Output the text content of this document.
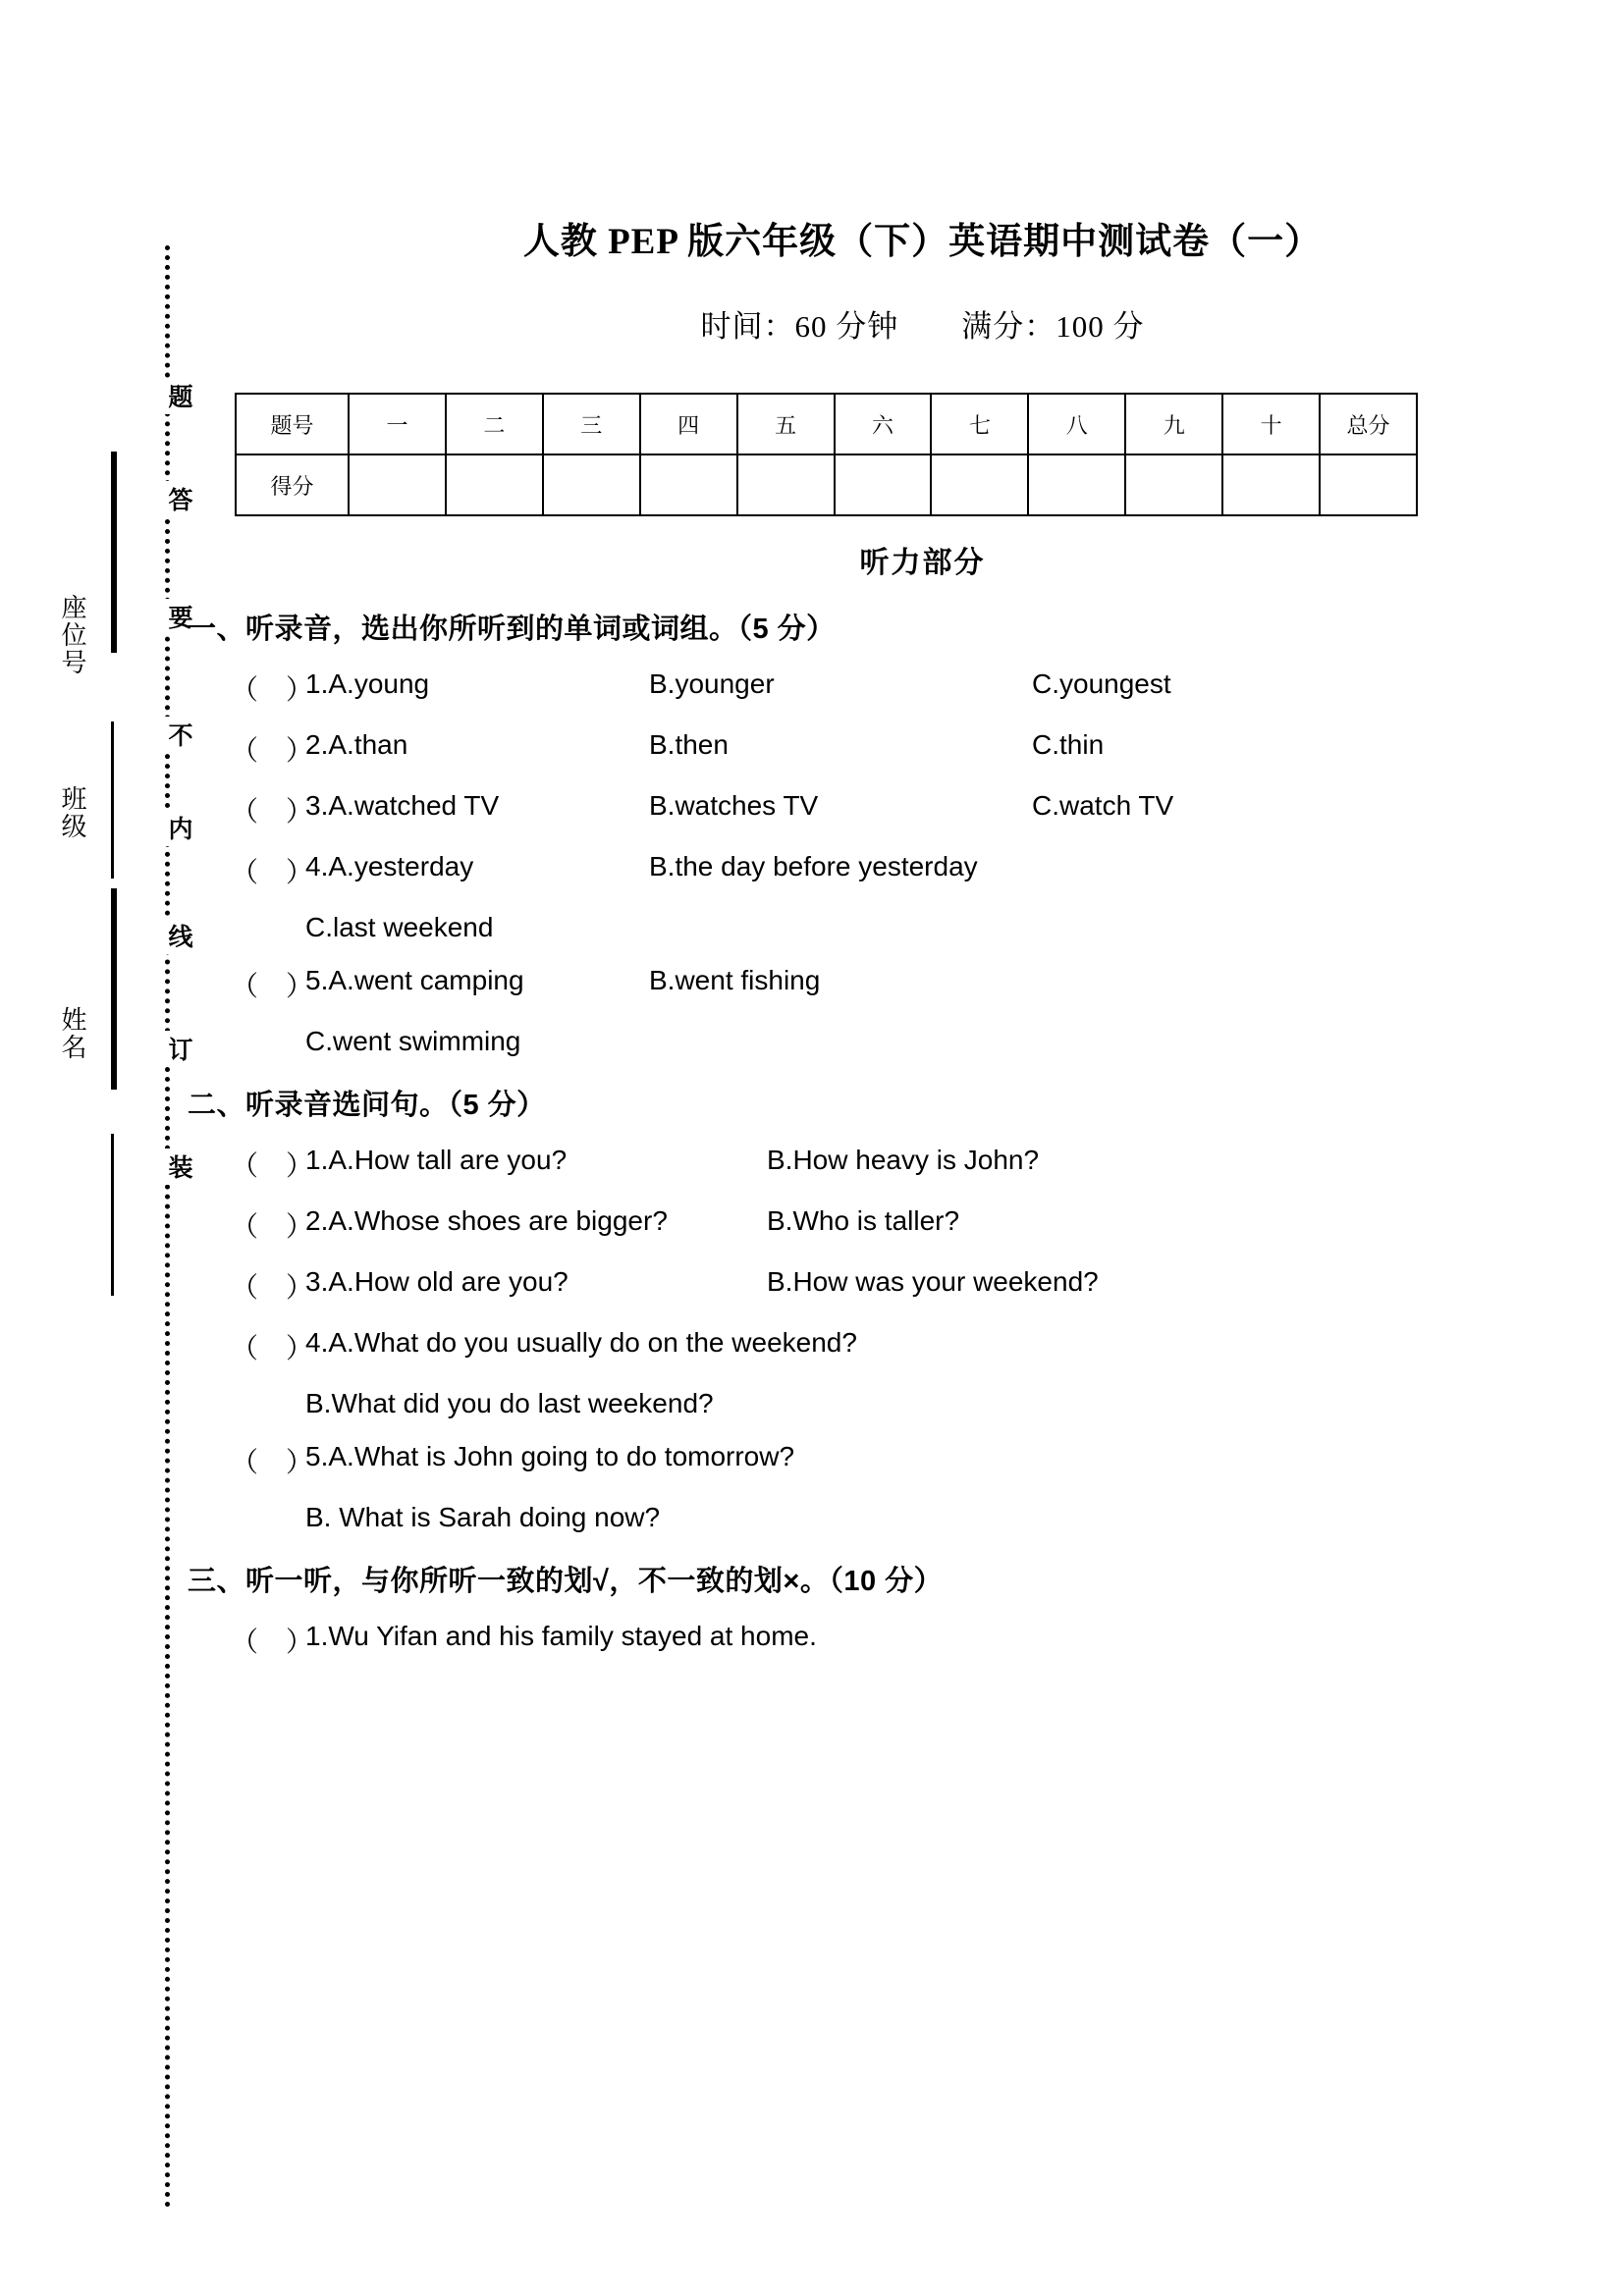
题
答
要
不
内
线
订
装
座位号
班级
姓名
人教 PEP 版六年级（下）英语期中测试卷（一）
时间：60 分钟　　满分：100 分
题号	一	二	三	四	五	六	七	八	九	十	总分
得分											
听力部分
一、听录音，选出你所听到的单词或词组。（5 分）
（　）
1.A.young	B.younger	C.youngest
（　）
2.A.than	B.then	C.thin
（　）
3.A.watched TV	B.watches TV	C.watch TV
（　）
4.A.yesterday	B.the day before yesterday
C.last weekend
（　）
5.A.went camping	B.went fishing
C.went swimming
二、听录音选问句。（5 分）
（　）
1.A.How tall are you?	B.How heavy is John?
（　）
2.A.Whose shoes are bigger?	B.Who is taller?
（　）
3.A.How old are you?	B.How was your weekend?
（　）
4.A.What do you usually do on the weekend?
B.What did you do last weekend?
（　）
5.A.What is John going to do tomorrow?
B. What is Sarah doing now?
三、听一听，与你所听一致的划√，不一致的划×。（10 分）
（　）
1.Wu Yifan and his family stayed at home.
